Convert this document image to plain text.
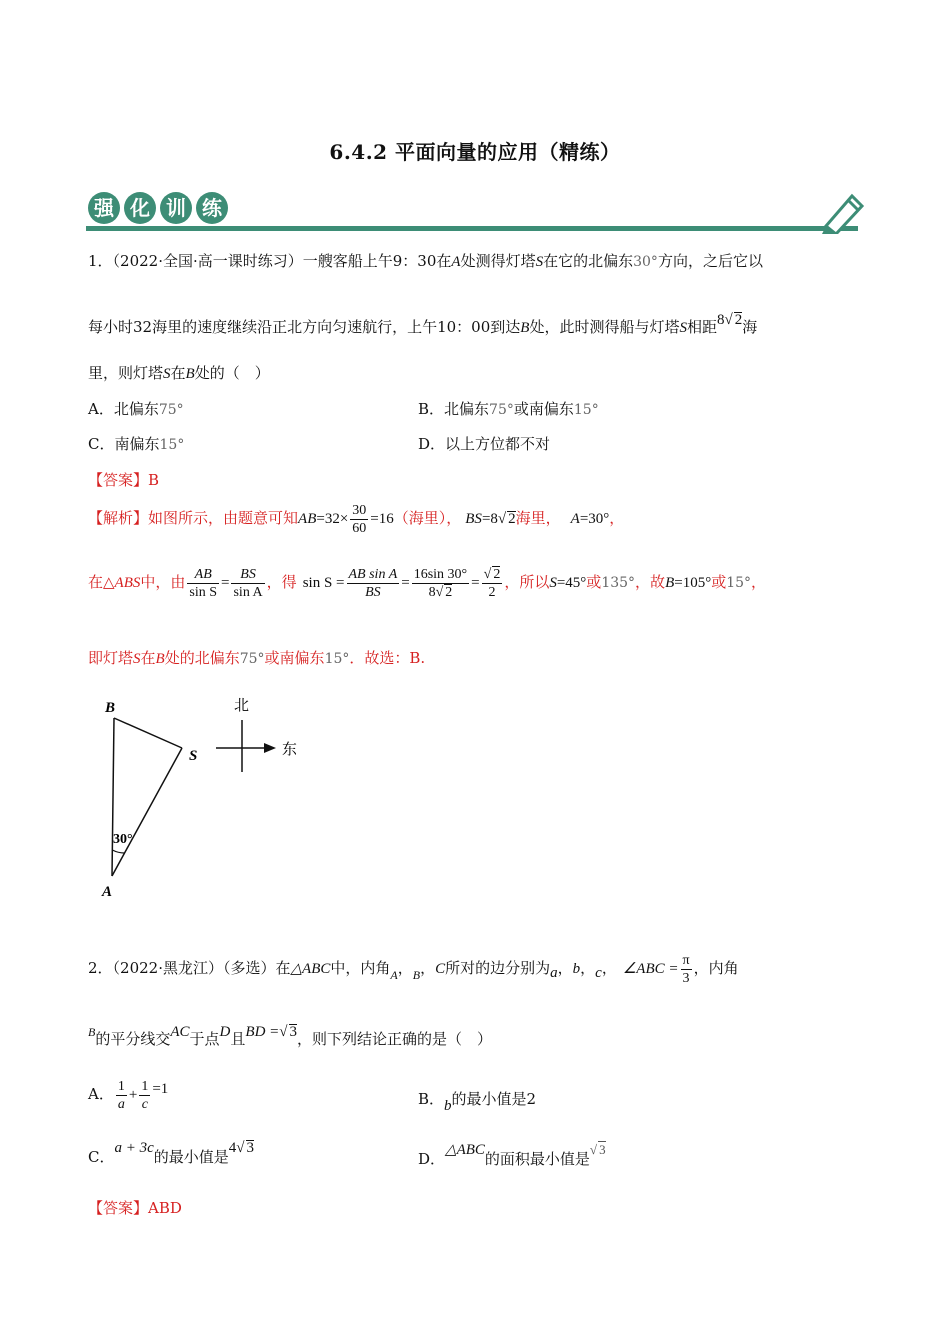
6.4.2 平面向量的应用（精练）
强 化 训 练
1．（2022·全国·高一课时练习）一艘客船上午9：30在A处测得灯塔S在它的北偏东30°方向，之后它以
每小时32海里的速度继续沿正北方向匀速航行，上午10：00到达B处，此时测得船与灯塔S相距8√ 2海
里，则灯塔S在B处的（　）
A．北偏东75°	B．北偏东75°或南偏东15°
C．南偏东15°	D．以上方位都不对
【答案】B
【解析】如图所示，由题意可知$AB=32\times \frac{30}{60} =16$（海里）， BS=8√ 2海里， A=30°，
在△ABS中，由 $\frac{AB}{\text{sin S}} = \frac{BS}{\text{sin A}}$ ，得 $\sin S = \frac{\text{AB sin A}}{BS} = \frac{16\sin 30^\circ}{8√ 2} = \frac{√ 2}{2}$ ，所以S=45°或135°，故B=105°或15°，
即灯塔S在B处的北偏东75°或南偏东15°．故选：B.
B
S
A
30°
北
东
2．（2022·黑龙江）（多选）在△ABC中，内角$_A$，$_B$，C所对的边分别为a，b，c， ∠ABC = $\frac{\pi}{3}$ ，内角
$^B$的平分线交AC于点D且BD =√ 3，则下列结论正确的是（　）
A． $\frac{1}{a} + \frac{1}{c} =1$
B．b的最小值是2
C．a + 3c的最小值是4√ 3
D．△ABC的面积最小值是√ 3
【答案】ABD
